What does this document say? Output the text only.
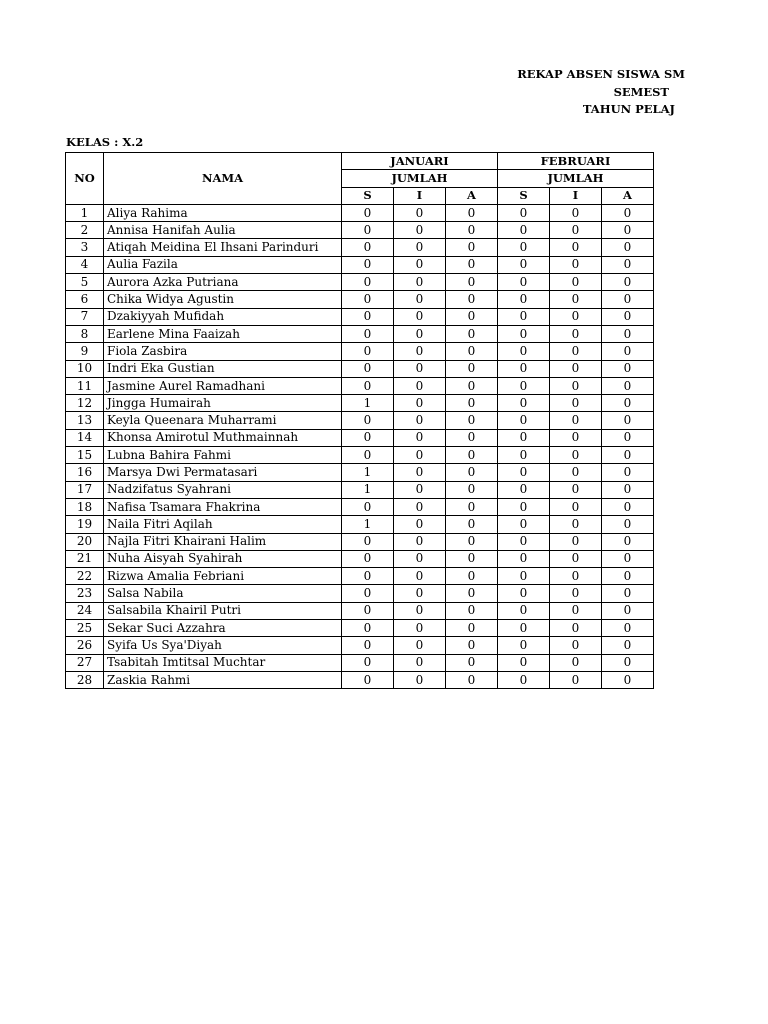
REKAP ABSEN SISWA SM
SEMEST
TAHUN PELAJ
KELAS : X.2
NO	NAMA	JANUARI			FEBRUARI		
		JUMLAH			JUMLAH		
		S	I	A	S	I	A
1	Aliya Rahima	0	0	0	0	0	0
2	Annisa Hanifah Aulia	0	0	0	0	0	0
3	Atiqah Meidina El Ihsani Parinduri	0	0	0	0	0	0
4	Aulia Fazila	0	0	0	0	0	0
5	Aurora Azka Putriana	0	0	0	0	0	0
6	Chika Widya Agustin	0	0	0	0	0	0
7	Dzakiyyah Mufidah	0	0	0	0	0	0
8	Earlene Mina Faaizah	0	0	0	0	0	0
9	Fiola Zasbira	0	0	0	0	0	0
10	Indri Eka Gustian	0	0	0	0	0	0
11	Jasmine Aurel Ramadhani	0	0	0	0	0	0
12	Jingga Humairah	1	0	0	0	0	0
13	Keyla Queenara Muharrami	0	0	0	0	0	0
14	Khonsa Amirotul Muthmainnah	0	0	0	0	0	0
15	Lubna Bahira Fahmi	0	0	0	0	0	0
16	Marsya Dwi Permatasari	1	0	0	0	0	0
17	Nadzifatus Syahrani	1	0	0	0	0	0
18	Nafisa Tsamara Fhakrina	0	0	0	0	0	0
19	Naila Fitri Aqilah	1	0	0	0	0	0
20	Najla Fitri Khairani Halim	0	0	0	0	0	0
21	Nuha Aisyah Syahirah	0	0	0	0	0	0
22	Rizwa Amalia Febriani	0	0	0	0	0	0
23	Salsa Nabila	0	0	0	0	0	0
24	Salsabila Khairil Putri	0	0	0	0	0	0
25	Sekar Suci Azzahra	0	0	0	0	0	0
26	Syifa Us Sya'Diyah	0	0	0	0	0	0
27	Tsabitah Imtitsal Muchtar	0	0	0	0	0	0
28	Zaskia Rahmi	0	0	0	0	0	0
